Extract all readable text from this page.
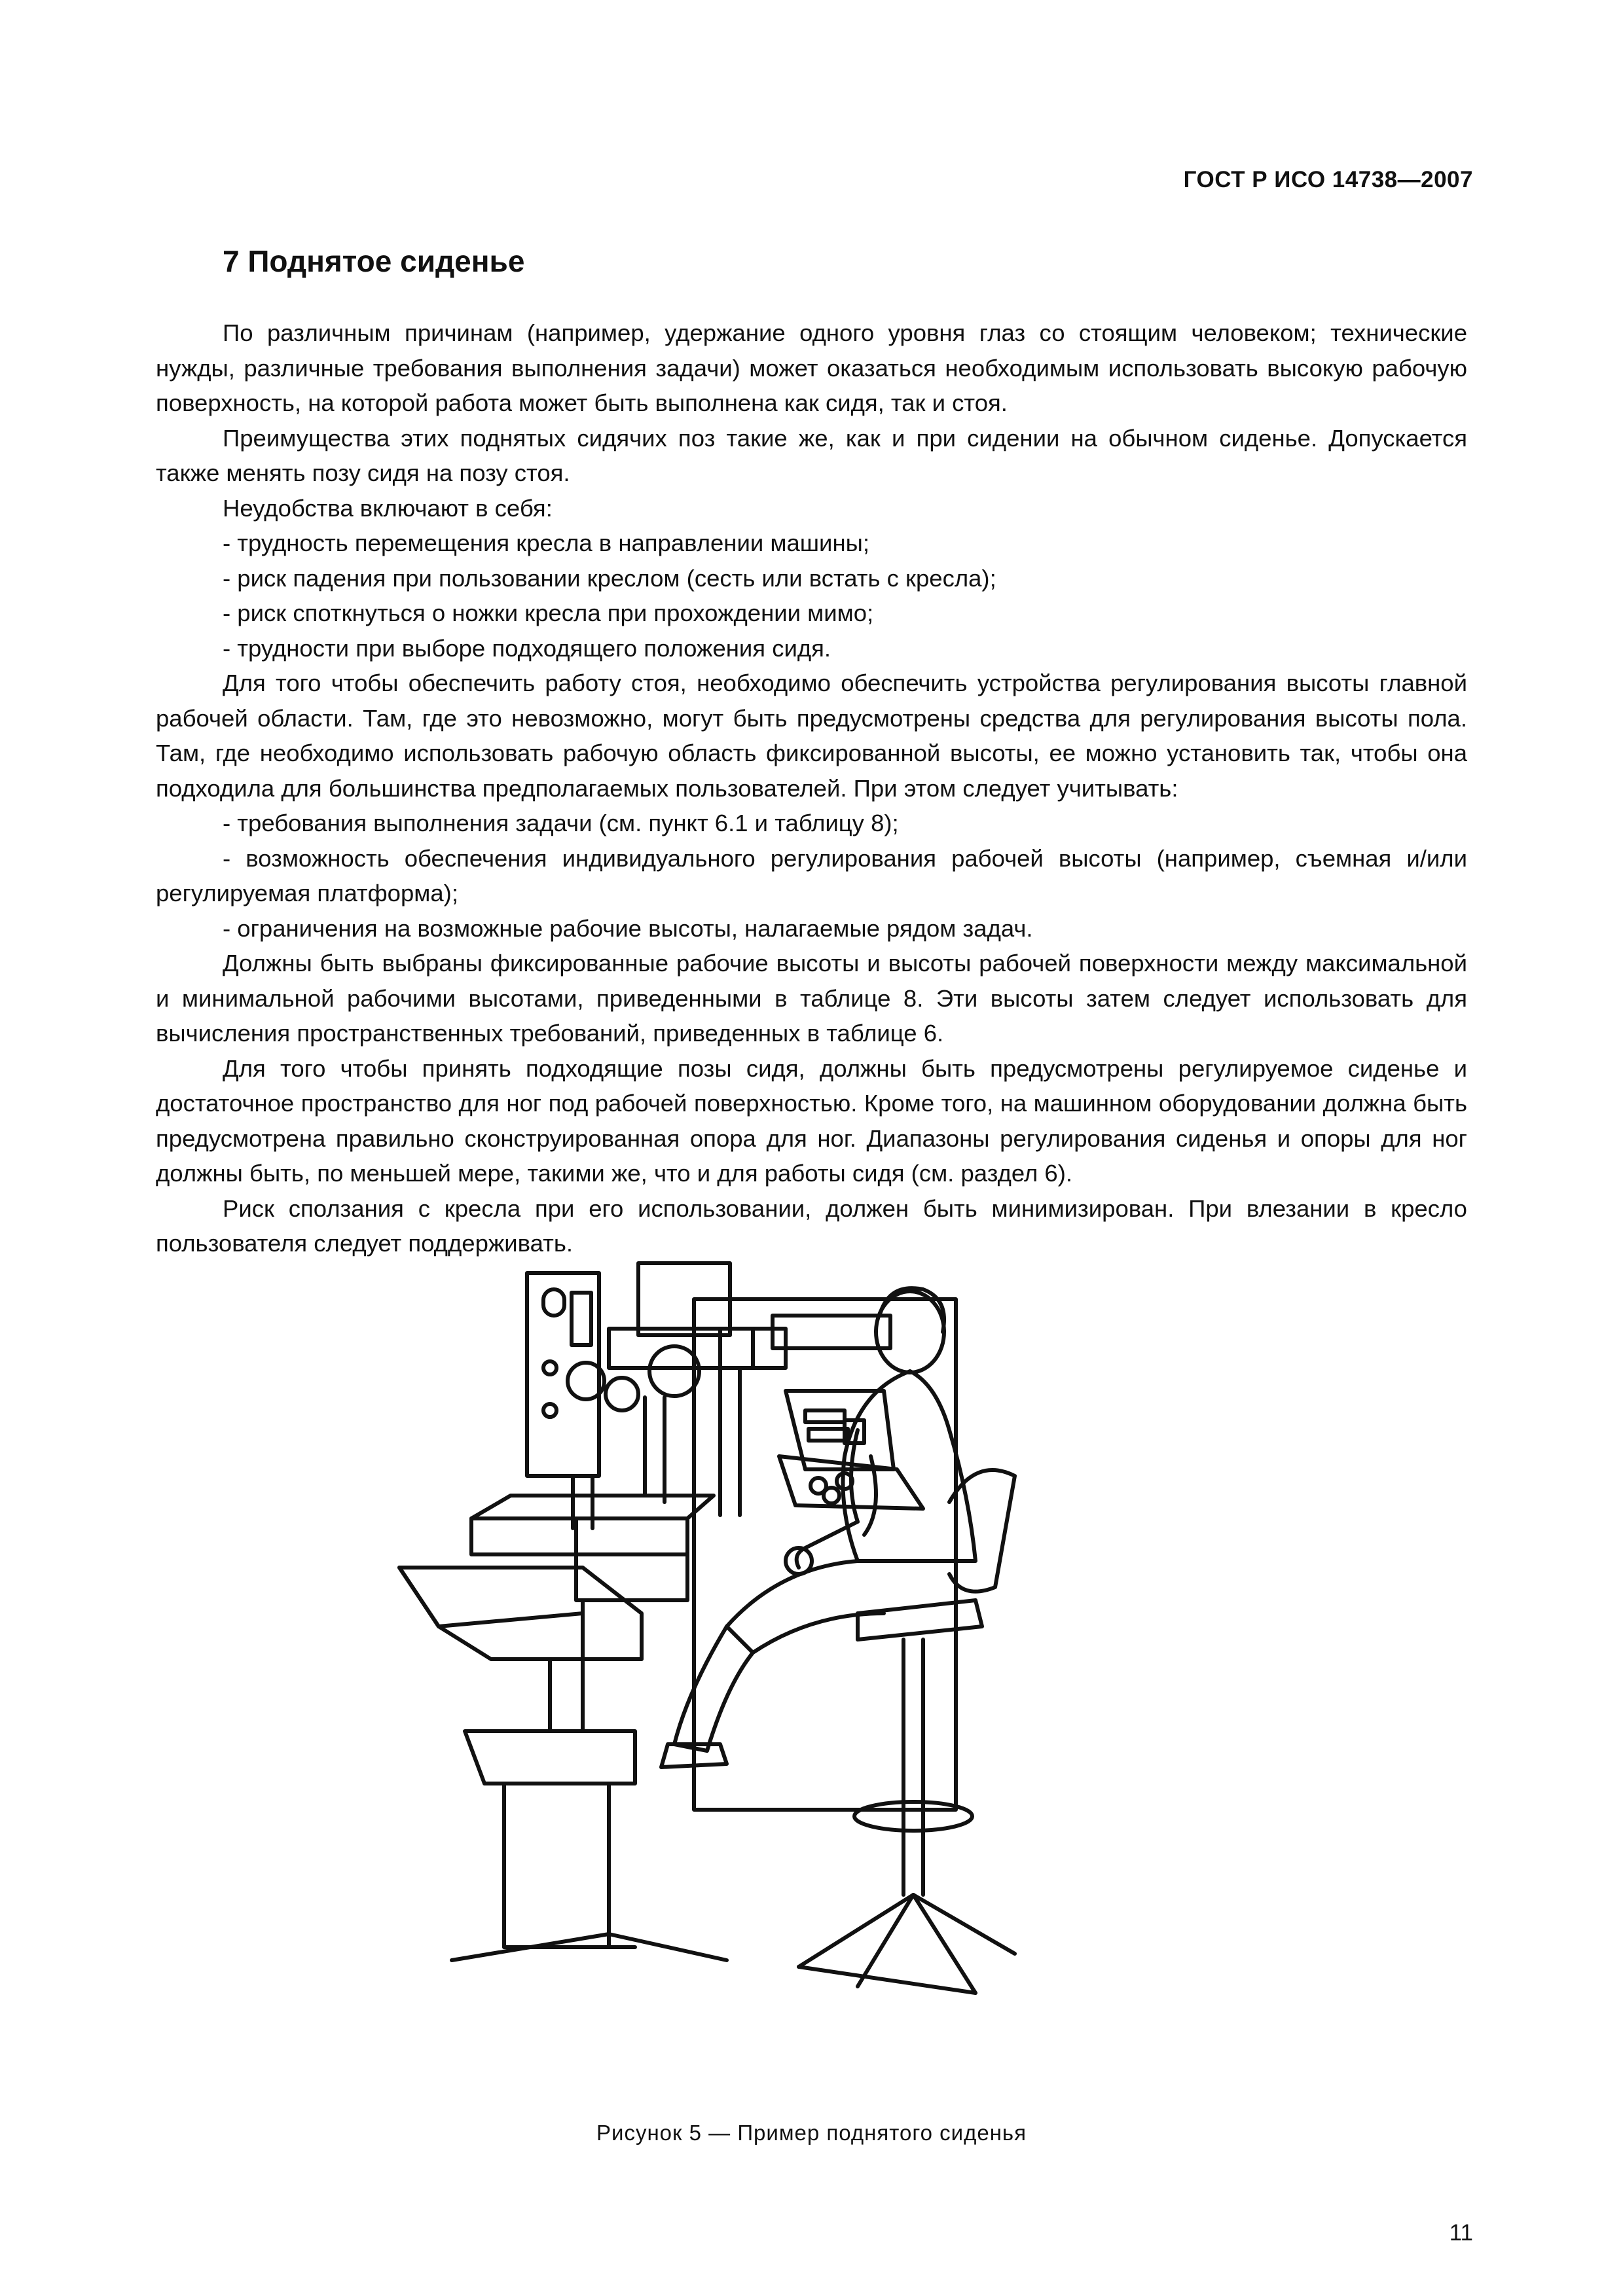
ГОСТ Р ИСО 14738—2007
7 Поднятое сиденье

По различным причинам (например, удержание одного уровня глаз со стоящим человеком; технические нужды, различные требования выполнения задачи) может оказаться необходимым использовать высокую рабочую поверхность, на которой работа может быть выполнена как сидя, так и стоя.

Преимущества этих поднятых сидячих поз такие же, как и при сидении на обычном сиденье. Допускается также менять позу сидя на позу стоя.

Неудобства включают в себя:

- трудность перемещения кресла в направлении машины;

- риск падения при пользовании креслом (сесть или встать с кресла);

- риск споткнуться о ножки кресла при прохождении мимо;

- трудности при выборе подходящего положения сидя.

Для того чтобы обеспечить работу стоя, необходимо обеспечить устройства регулирования высоты главной рабочей области. Там, где это невозможно, могут быть предусмотрены средства для регулирования высоты пола. Там, где необходимо использовать рабочую область фиксированной высоты, ее можно установить так, чтобы она подходила для большинства предполагаемых пользователей. При этом следует учитывать:

- требования выполнения задачи (см. пункт 6.1 и таблицу 8);

- возможность обеспечения индивидуального регулирования рабочей высоты (например, съемная и/или регулируемая платформа);

- ограничения на возможные рабочие высоты, налагаемые рядом задач.

Должны быть выбраны фиксированные рабочие высоты и высоты рабочей поверхности между максимальной и минимальной рабочими высотами, приведенными в таблице 8. Эти высоты затем следует использовать для вычисления пространственных требований, приведенных в таблице 6.

Для того чтобы принять подходящие позы сидя, должны быть предусмотрены регулируемое сиденье и достаточное пространство для ног под рабочей поверхностью. Кроме того, на машинном оборудовании должна быть предусмотрена правильно сконструированная опора для ног. Диапазоны регулирования сиденья и опоры для ног должны быть, по меньшей мере, такими же, что и для работы сидя (см. раздел 6).

Риск сползания с кресла при его использовании, должен быть минимизирован. При влезании в кресло пользователя следует поддерживать.

Рисунок 5 — Пример поднятого сиденья
11
